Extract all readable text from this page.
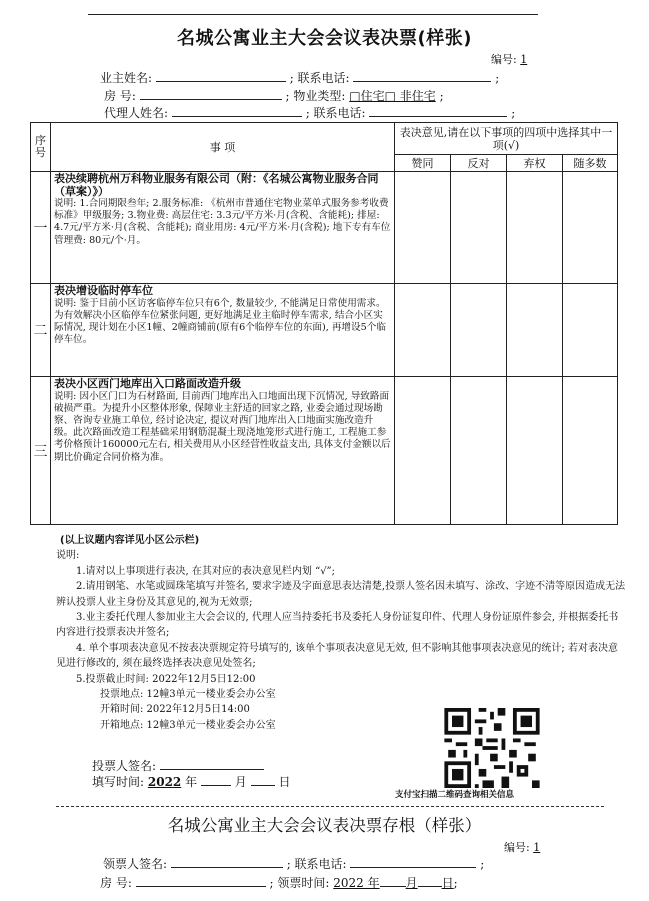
名城公寓业主大会会议表决票(样张)
编号: 1
业主姓名:	; 联系电话:	;
房 号:	; 物业类型: □住宅□ 非住宅 ;
代理人姓名:	; 联系电话:	;
序号	事 项	表决意见,请在以下事项的四项中选择其中一项(√)			
		赞同	反对	弃权	随多数
一	表决续聘杭州万科物业服务有限公司（附：《名城公寓物业服务合同（草案）》）
说明: 1.合同期限叁年; 2.服务标准: 《杭州市普通住宅物业菜单式服务参考收费标准》甲级服务; 3.物业费: 高层住宅: 3.3元/平方米·月(含税、含能耗); 排屋: 4.7元/平方米·月(含税、含能耗); 商业用房: 4元/平方米·月(含税); 地下专有车位管理费: 80元/个·月。				

二	表决增设临时停车位
说明: 鉴于目前小区访客临停车位只有6个, 数量较少, 不能满足日常使用需求。为有效解决小区临停车位紧张问题, 更好地满足业主临时停车需求, 结合小区实际情况, 现计划在小区1幢、2幢商铺前(原有6个临停车位的东面), 再增设5个临停车位。				

三	表决小区西门地库出入口路面改造升级
说明: 因小区门口为石材路面, 目前西门地库出入口地面出现下沉情况, 导致路面破损严重。为提升小区整体形象, 保障业主舒适的回家之路, 业委会通过现场勘察、咨询专业施工单位, 经讨论决定, 提议对西门地库出入口地面实施改造升级。此次路面改造工程基础采用钢筋混凝土现浇地笼形式进行施工, 工程施工参考价格预计160000元左右, 相关费用从小区经营性收益支出, 具体支付金额以后期比价确定合同价格为准。				

(以上议题内容详见小区公示栏)

说明:

1.请对以上事项进行表决, 在其对应的表决意见栏内划 “√”;

2.请用钢笔、水笔或圆珠笔填写并签名, 要求字迹及字面意思表达清楚,投票人签名因未填写、涂改、字迹不清等原因造成无法辨认投票人业主身份及其意见的,视为无效票;

3.业主委托代理人参加业主大会会议的, 代理人应当持委托书及委托人身份证复印件、代理人身份证原件参会, 并根据委托书内容进行投票表决并签名;

4. 单个事项表决意见不按表决票规定符号填写的, 该单个事项表决意见无效, 但不影响其他事项表决意见的统计; 若对表决意见进行修改的, 须在最终选择表决意见处签名;

5.投票截止时间: 2022年12月5日12:00

投票地点: 12幢3单元一楼业委会办公室

开箱时间: 2022年12月5日14:00

开箱地点: 12幢3单元一楼业委会办公室

支付宝扫描二维码查询相关信息
投票人签名:
填写时间: 2022 年	月	日
名城公寓业主大会会议表决票存根（样张）
编号: 1
领票人签名:	; 联系电话:	;
房 号:	; 领票时间: 2022 年 月 日;
